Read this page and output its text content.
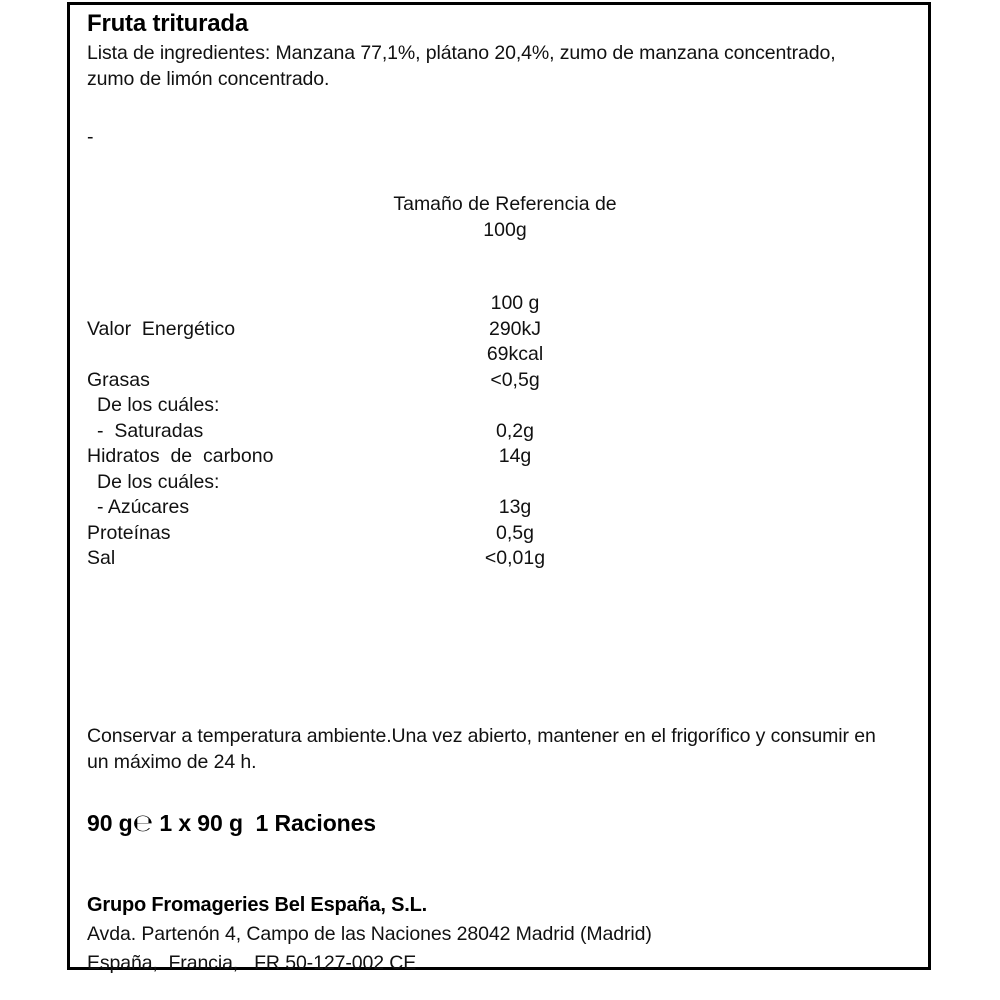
Fruta triturada
Lista de ingredientes: Manzana 77,1%, plátano 20,4%, zumo de manzana concentrado, zumo de limón concentrado.
-
Tamaño de Referencia de
100g
100 g
Valor  Energético	290kJ
69kcal
Grasas	<0,5g
De los cuáles:
-  Saturadas	0,2g
Hidratos  de  carbono	14g
De los cuáles:
- Azúcares	13g
Proteínas	0,5g
Sal	<0,01g
Conservar a temperatura ambiente.Una vez abierto, mantener en el frigorífico y consumir en un máximo de 24 h.
90 g℮ 1 x 90 g 1 Raciones
Grupo Fromageries Bel España, S.L.
Avda. Partenón 4, Campo de las Naciones 28042 Madrid (Madrid)
España,  Francia,   FR 50-127-002 CE
